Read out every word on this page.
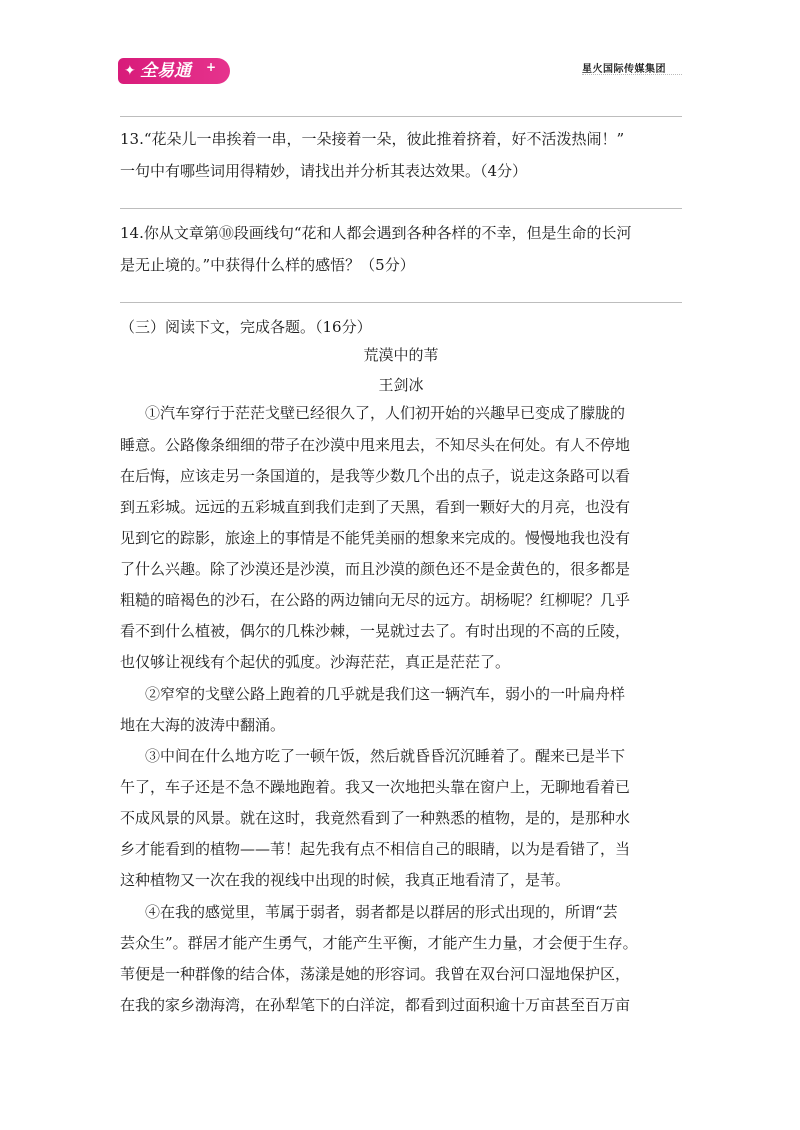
✦ 全易通 +	星火国际传媒集团
13.“花朵儿一串挨着一串，一朵接着一朵，彼此推着挤着，好不活泼热闹！”
一句中有哪些词用得精妙，请找出并分析其表达效果。（4分）
14.你从文章第⑩段画线句“花和人都会遇到各种各样的不幸，但是生命的长河
是无止境的。”中获得什么样的感悟？（5分）
（三）阅读下文，完成各题。（16分）
荒漠中的苇
王剑冰
①汽车穿行于茫茫戈壁已经很久了，人们初开始的兴趣早已变成了朦胧的
睡意。公路像条细细的带子在沙漠中甩来甩去，不知尽头在何处。有人不停地
在后悔，应该走另一条国道的，是我等少数几个出的点子，说走这条路可以看
到五彩城。远远的五彩城直到我们走到了天黑，看到一颗好大的月亮，也没有
见到它的踪影，旅途上的事情是不能凭美丽的想象来完成的。慢慢地我也没有
了什么兴趣。除了沙漠还是沙漠，而且沙漠的颜色还不是金黄色的，很多都是
粗糙的暗褐色的沙石，在公路的两边铺向无尽的远方。胡杨呢？红柳呢？几乎
看不到什么植被，偶尔的几株沙棘，一晃就过去了。有时出现的不高的丘陵，
也仅够让视线有个起伏的弧度。沙海茫茫，真正是茫茫了。
②窄窄的戈壁公路上跑着的几乎就是我们这一辆汽车，弱小的一叶扁舟样
地在大海的波涛中翻涌。
③中间在什么地方吃了一顿午饭，然后就昏昏沉沉睡着了。醒来已是半下
午了，车子还是不急不躁地跑着。我又一次地把头靠在窗户上，无聊地看着已
不成风景的风景。就在这时，我竟然看到了一种熟悉的植物，是的，是那种水
乡才能看到的植物——苇！起先我有点不相信自己的眼睛，以为是看错了，当
这种植物又一次在我的视线中出现的时候，我真正地看清了，是苇。
④在我的感觉里，苇属于弱者，弱者都是以群居的形式出现的，所谓“芸
芸众生”。群居才能产生勇气，才能产生平衡，才能产生力量，才会便于生存。
苇便是一种群像的结合体，荡漾是她的形容词。我曾在双台河口湿地保护区，
在我的家乡渤海湾，在孙犁笔下的白洋淀，都看到过面积逾十万亩甚至百万亩
